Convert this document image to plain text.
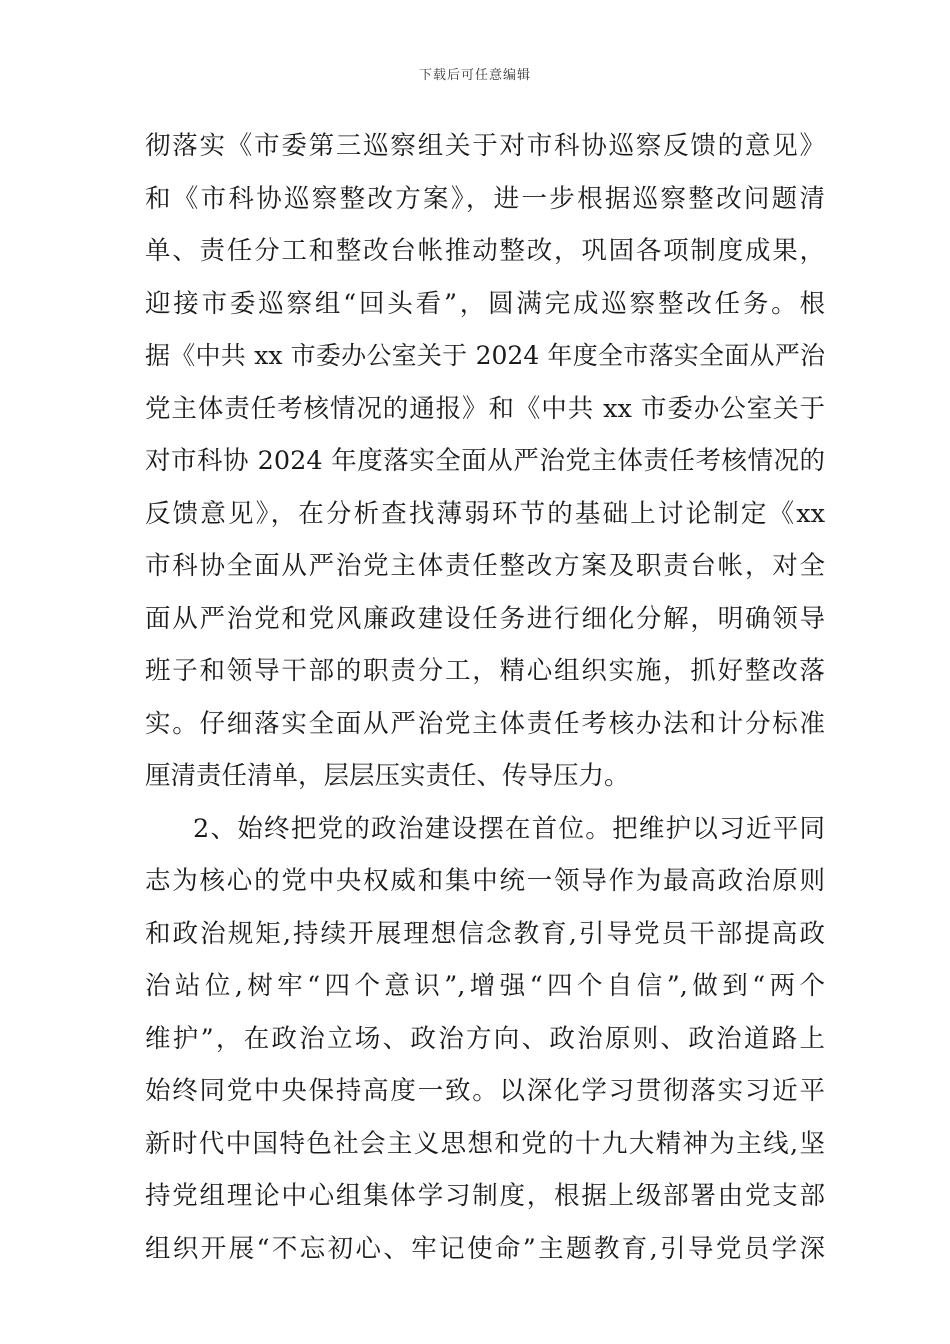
下载后可任意编辑
彻落实《市委第三巡察组关于对市科协巡察反馈的意见》
和《市科协巡察整改方案》，进一步根据巡察整改问题清
单、责任分工和整改台帐推动整改，巩固各项制度成果，
迎接市委巡察组“回头看”，圆满完成巡察整改任务。根
据《中共 xx 市委办公室关于 2024 年度全市落实全面从严治
党主体责任考核情况的通报》和《中共 xx 市委办公室关于
对市科协 2024 年度落实全面从严治党主体责任考核情况的
反馈意见》，在分析查找薄弱环节的基础上讨论制定《xx
市科协全面从严治党主体责任整改方案及职责台帐，对全
面从严治党和党风廉政建设任务进行细化分解，明确领导
班子和领导干部的职责分工，精心组织实施，抓好整改落
实。仔细落实全面从严治党主体责任考核办法和计分标准
厘清责任清单，层层压实责任、传导压力。
2、始终把党的政治建设摆在首位。把维护以习近平同
志为核心的党中央权威和集中统一领导作为最高政治原则
和政治规矩,持续开展理想信念教育,引导党员干部提高政
治站位,树牢“四个意识”,增强“四个自信”,做到“两个
维护”，在政治立场、政治方向、政治原则、政治道路上
始终同党中央保持高度一致。以深化学习贯彻落实习近平
新时代中国特色社会主义思想和党的十九大精神为主线,坚
持党组理论中心组集体学习制度，根据上级部署由党支部
组织开展“不忘初心、牢记使命”主题教育,引导党员学深
